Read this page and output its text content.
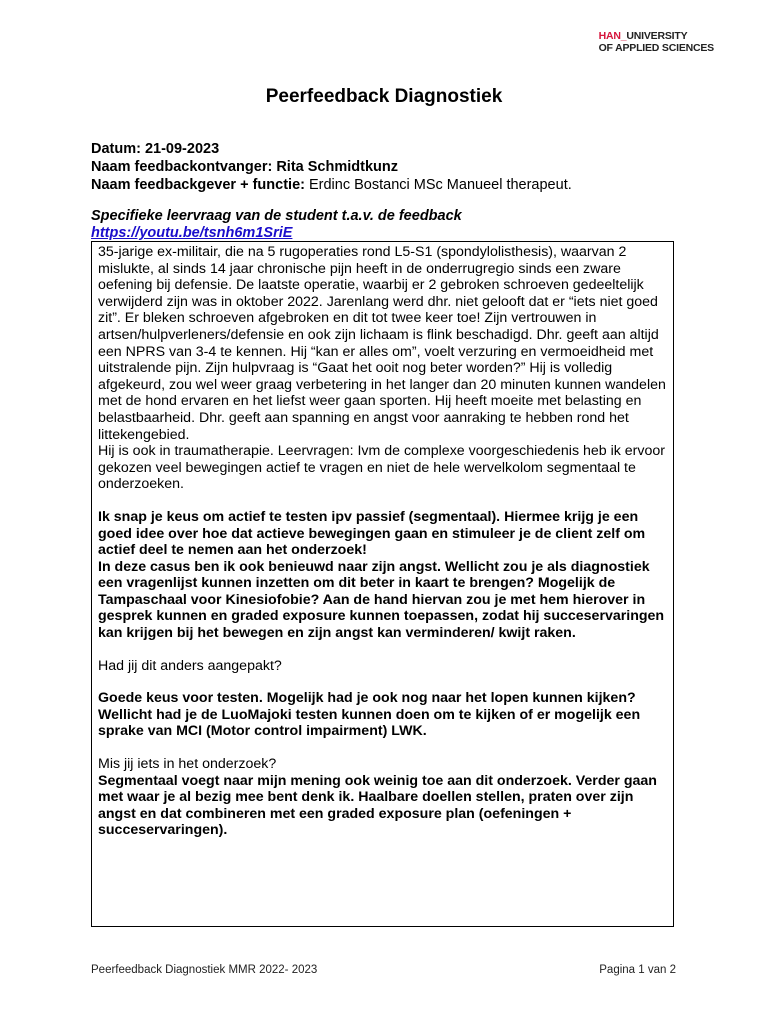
HAN_UNIVERSITY
OF APPLIED SCIENCES
Peerfeedback Diagnostiek
Datum: 21-09-2023
Naam feedbackontvanger: Rita Schmidtkunz
Naam feedbackgever + functie: Erdinc Bostanci MSc Manueel therapeut.
Specifieke leervraag van de student t.a.v. de feedback
https://youtu.be/tsnh6m1SriE

35-jarige ex-militair, die na 5 rugoperaties rond L5-S1 (spondylolisthesis), waarvan 2 mislukte, al sinds 14 jaar chronische pijn heeft in de onderrugregio sinds een zware oefening bij defensie. De laatste operatie, waarbij er 2 gebroken schroeven gedeeltelijk verwijderd zijn was in oktober 2022. Jarenlang werd dhr. niet gelooft dat er “iets niet goed zit”. Er bleken schroeven afgebroken en dit tot twee keer toe! Zijn vertrouwen in artsen/hulpverleners/defensie en ook zijn lichaam is flink beschadigd. Dhr. geeft aan altijd een NPRS van 3-4 te kennen. Hij “kan er alles om”, voelt verzuring en vermoeidheid met uitstralende pijn. Zijn hulpvraag is “Gaat het ooit nog beter worden?” Hij is volledig afgekeurd, zou wel weer graag verbetering in het langer dan 20 minuten kunnen wandelen met de hond ervaren en het liefst weer gaan sporten. Hij heeft moeite met belasting en belastbaarheid. Dhr. geeft aan spanning en angst voor aanraking te hebben rond het littekengebied.

Hij is ook in traumatherapie. Leervragen: Ivm de complexe voorgeschiedenis heb ik ervoor gekozen veel bewegingen actief te vragen en niet de hele wervelkolom segmentaal te onderzoeken.

Ik snap je keus om actief te testen ipv passief (segmentaal). Hiermee krijg je een goed idee over hoe dat actieve bewegingen gaan en stimuleer je de client zelf om actief deel te nemen aan het onderzoek!

In deze casus ben ik ook benieuwd naar zijn angst. Wellicht zou je als diagnostiek een vragenlijst kunnen inzetten om dit beter in kaart te brengen? Mogelijk de Tampaschaal voor Kinesiofobie? Aan de hand hiervan zou je met hem hierover in gesprek kunnen en graded exposure kunnen toepassen, zodat hij succeservaringen kan krijgen bij het bewegen en zijn angst kan verminderen/ kwijt raken.

Had jij dit anders aangepakt?

Goede keus voor testen. Mogelijk had je ook nog naar het lopen kunnen kijken?

Wellicht had je de LuoMajoki testen kunnen doen om te kijken of er mogelijk een sprake van MCI (Motor control impairment) LWK.

Mis jij iets in het onderzoek?

Segmentaal voegt naar mijn mening ook weinig toe aan dit onderzoek. Verder gaan met waar je al bezig mee bent denk ik. Haalbare doellen stellen, praten over zijn angst en dat combineren met een graded exposure plan (oefeningen + succeservaringen).

Peerfeedback Diagnostiek MMR 2022- 2023	Pagina 1 van 2
